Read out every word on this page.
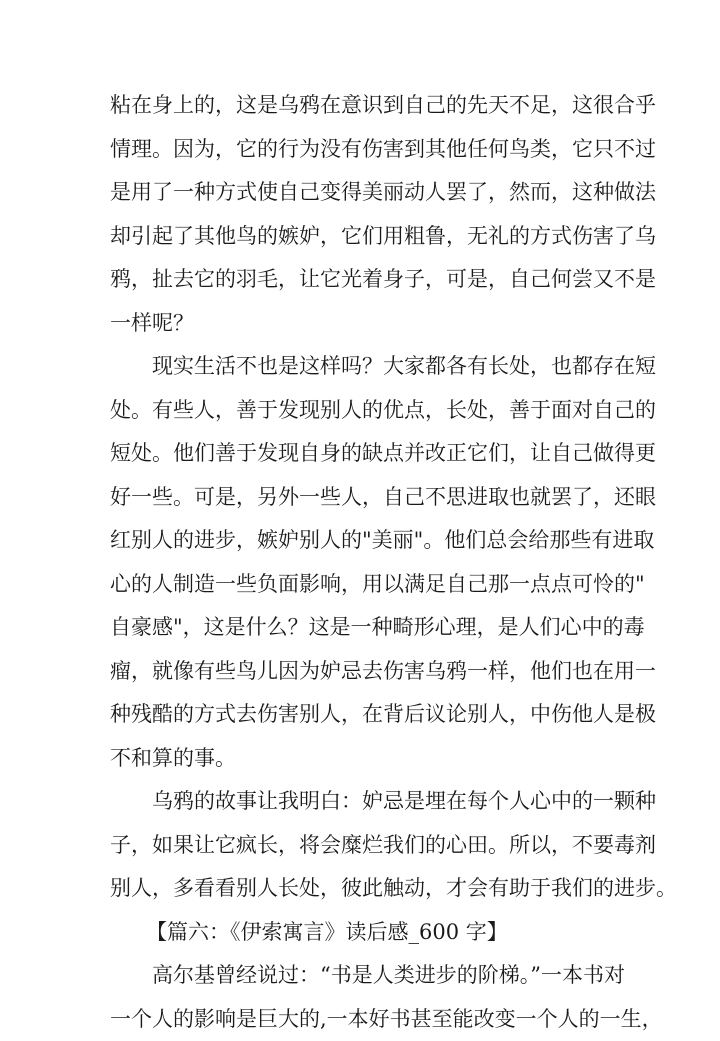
粘在身上的，这是乌鸦在意识到自己的先天不足，这很合乎
情理。因为，它的行为没有伤害到其他任何鸟类，它只不过
是用了一种方式使自己变得美丽动人罢了，然而，这种做法
却引起了其他鸟的嫉妒，它们用粗鲁，无礼的方式伤害了乌
鸦，扯去它的羽毛，让它光着身子，可是，自己何尝又不是
一样呢？
现实生活不也是这样吗？大家都各有长处，也都存在短
处。有些人，善于发现别人的优点，长处，善于面对自己的
短处。他们善于发现自身的缺点并改正它们，让自己做得更
好一些。可是，另外一些人，自己不思进取也就罢了，还眼
红别人的进步，嫉妒别人的"美丽"。他们总会给那些有进取
心的人制造一些负面影响，用以满足自己那一点点可怜的"
自豪感"，这是什么？这是一种畸形心理，是人们心中的毒
瘤，就像有些鸟儿因为妒忌去伤害乌鸦一样，他们也在用一
种残酷的方式去伤害别人，在背后议论别人，中伤他人是极
不和算的事。
乌鸦的故事让我明白：妒忌是埋在每个人心中的一颗种
子，如果让它疯长，将会糜烂我们的心田。所以，不要毒剂
别人，多看看别人长处，彼此触动，才会有助于我们的进步。
【篇六：《伊索寓言》读后感_600 字】
高尔基曾经说过：“书是人类进步的阶梯。”一本书对
一个人的影响是巨大的,一本好书甚至能改变一个人的一生，
